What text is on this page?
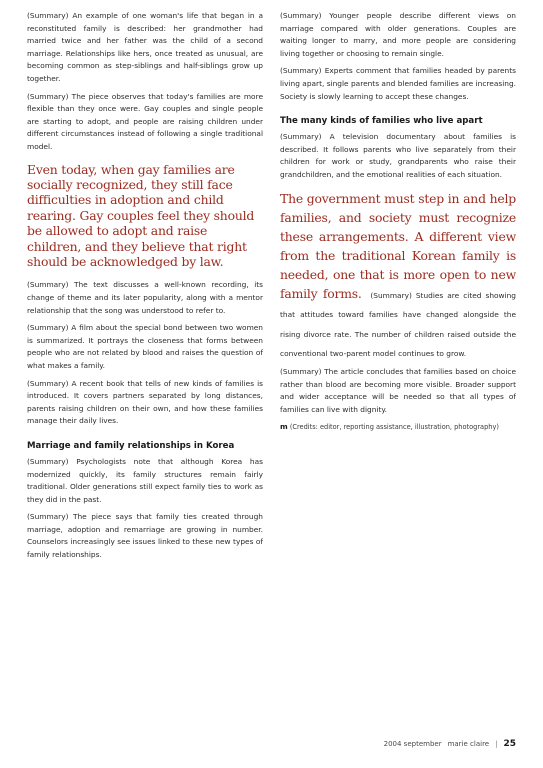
(Summary) An example of one woman's life that began in a reconstituted family is described: her grandmother had married twice and her father was the child of a second marriage. Relationships like hers, once treated as unusual, are becoming common as step-siblings and half-siblings grow up together.

(Summary) The piece observes that today's families are more flexible than they once were. Gay couples and single people are starting to adopt, and people are raising children under different circumstances instead of following a single traditional model.

Even today, when gay families are socially recognized, they still face difficulties in adoption and child rearing. Gay couples feel they should be allowed to adopt and raise children, and they believe that right should be acknowledged by law.

(Summary) The text discusses a well-known recording, its change of theme and its later popularity, along with a mentor relationship that the song was understood to refer to.

(Summary) A film about the special bond between two women is summarized. It portrays the closeness that forms between people who are not related by blood and raises the question of what makes a family.

(Summary) A recent book that tells of new kinds of families is introduced. It covers partners separated by long distances, parents raising children on their own, and how these families manage their daily lives.

Marriage and family relationships in Korea

(Summary) Psychologists note that although Korea has modernized quickly, its family structures remain fairly traditional. Older generations still expect family ties to work as they did in the past.

(Summary) The piece says that family ties created through marriage, adoption and remarriage are growing in number. Counselors increasingly see issues linked to these new types of family relationships.

(Summary) Younger people describe different views on marriage compared with older generations. Couples are waiting longer to marry, and more people are considering living together or choosing to remain single.

(Summary) Experts comment that families headed by parents living apart, single parents and blended families are increasing. Society is slowly learning to accept these changes.

The many kinds of families who live apart

(Summary) A television documentary about families is described. It follows parents who live separately from their children for work or study, grandparents who raise their grandchildren, and the emotional realities of each situation.

The government must step in and help families, and society must recognize these arrangements. A different view from the traditional Korean family is needed, one that is more open to new family forms. (Summary) Studies are cited showing that attitudes toward families have changed alongside the rising divorce rate. The number of children raised outside the conventional two-parent model continues to grow.

(Summary) The article concludes that families based on choice rather than blood are becoming more visible. Broader support and wider acceptance will be needed so that all types of families can live with dignity.

m (Credits: editor, reporting assistance, illustration, photography)

2004 september marie claire | 25
